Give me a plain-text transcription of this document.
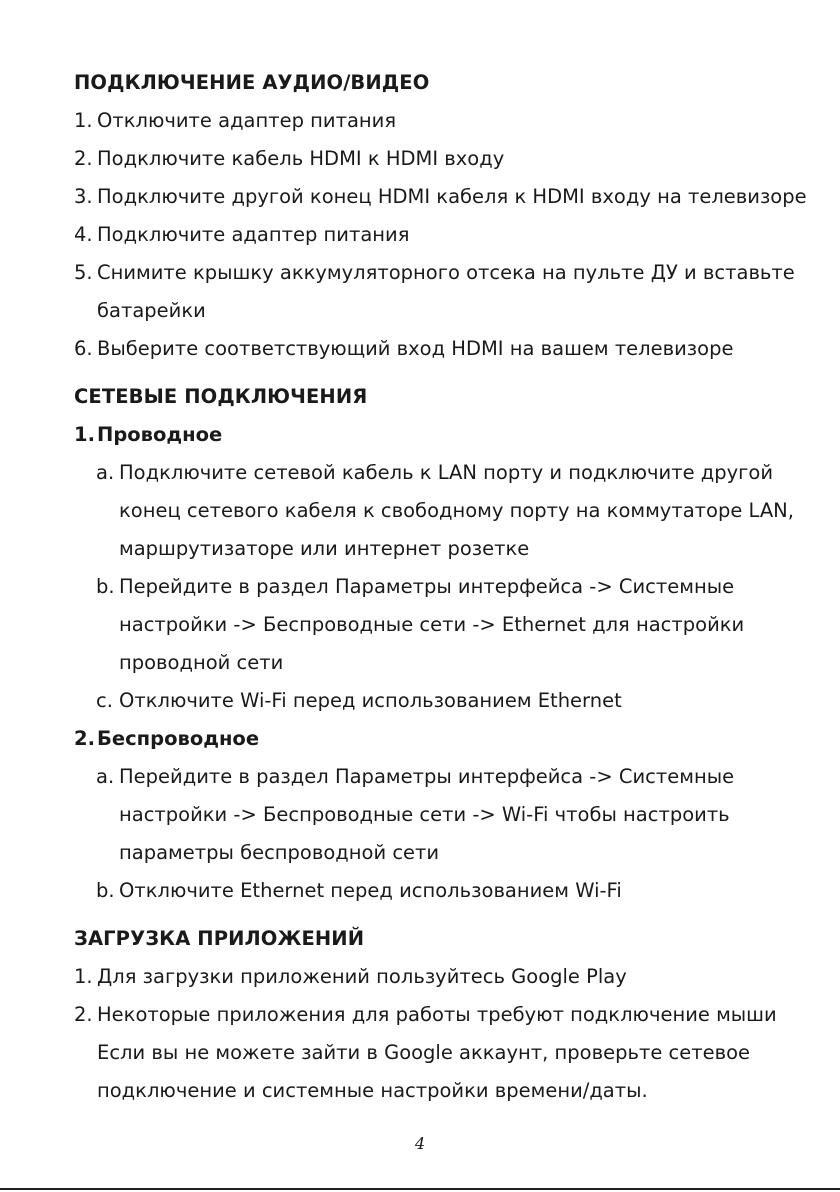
ПОДКЛЮЧЕНИЕ АУДИО/ВИДЕО
1. Отключите адаптер питания
2. Подключите кабель HDMI к HDMI входу
3. Подключите другой конец HDMI кабеля к HDMI входу на телевизоре
4. Подключите адаптер питания
5. Снимите крышку аккумуляторного отсека на пульте ДУ и вставьте
батарейки
6. Выберите соответствующий вход HDMI на вашем телевизоре
СЕТЕВЫЕ ПОДКЛЮЧЕНИЯ
1. Проводное
a. Подключите сетевой кабель к LAN порту и подключите другой
конец сетевого кабеля к свободному порту на коммутаторе LAN,
маршрутизаторе или интернет розетке
b. Перейдите в раздел Параметры интерфейса -> Системные
настройки -> Беспроводные сети -> Ethernet для настройки
проводной сети
c. Отключите Wi-Fi перед использованием Ethernet
2. Беспроводное
a. Перейдите в раздел Параметры интерфейса -> Системные
настройки -> Беспроводные сети -> Wi-Fi чтобы настроить
параметры беспроводной сети
b. Отключите Ethernet перед использованием Wi-Fi
ЗАГРУЗКА ПРИЛОЖЕНИЙ
1. Для загрузки приложений пользуйтесь Google Play
2. Некоторые приложения для работы требуют подключение мыши
Если вы не можете зайти в Google аккаунт, проверьте сетевое
подключение и системные настройки времени/даты.
4
